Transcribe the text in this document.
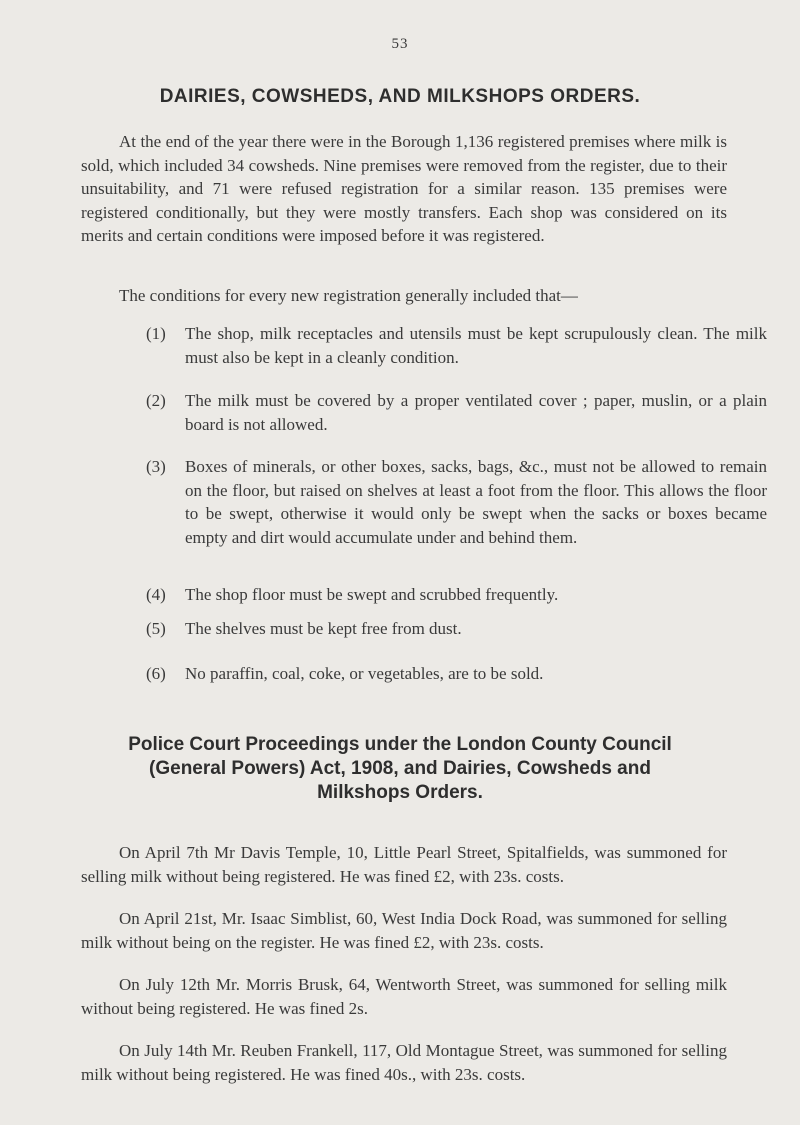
53
DAIRIES, COWSHEDS, AND MILKSHOPS ORDERS.

At the end of the year there were in the Borough 1,136 registered premises where milk is sold, which included 34 cowsheds. Nine premises were removed from the register, due to their unsuitability, and 71 were refused registration for a similar reason. 135 premises were registered conditionally, but they were mostly transfers. Each shop was considered on its merits and certain conditions were imposed before it was registered.

The conditions for every new registration generally included that—

(1) The shop, milk receptacles and utensils must be kept scrupulously clean. The milk must also be kept in a cleanly condition.

(2) The milk must be covered by a proper ventilated cover ; paper, muslin, or a plain board is not allowed.

(3) Boxes of minerals, or other boxes, sacks, bags, &c., must not be allowed to remain on the floor, but raised on shelves at least a foot from the floor. This allows the floor to be swept, otherwise it would only be swept when the sacks or boxes became empty and dirt would accumulate under and behind them.

(4) The shop floor must be swept and scrubbed frequently.

(5) The shelves must be kept free from dust.

(6) No paraffin, coal, coke, or vegetables, are to be sold.

Police Court Proceedings under the London County Council (General Powers) Act, 1908, and Dairies, Cowsheds and Milkshops Orders.

On April 7th Mr Davis Temple, 10, Little Pearl Street, Spitalfields, was summoned for selling milk without being registered. He was fined £2, with 23s. costs.

On April 21st, Mr. Isaac Simblist, 60, West India Dock Road, was summoned for selling milk without being on the register. He was fined £2, with 23s. costs.

On July 12th Mr. Morris Brusk, 64, Wentworth Street, was summoned for selling milk without being registered. He was fined 2s.

On July 14th Mr. Reuben Frankell, 117, Old Montague Street, was summoned for selling milk without being registered. He was fined 40s., with 23s. costs.
